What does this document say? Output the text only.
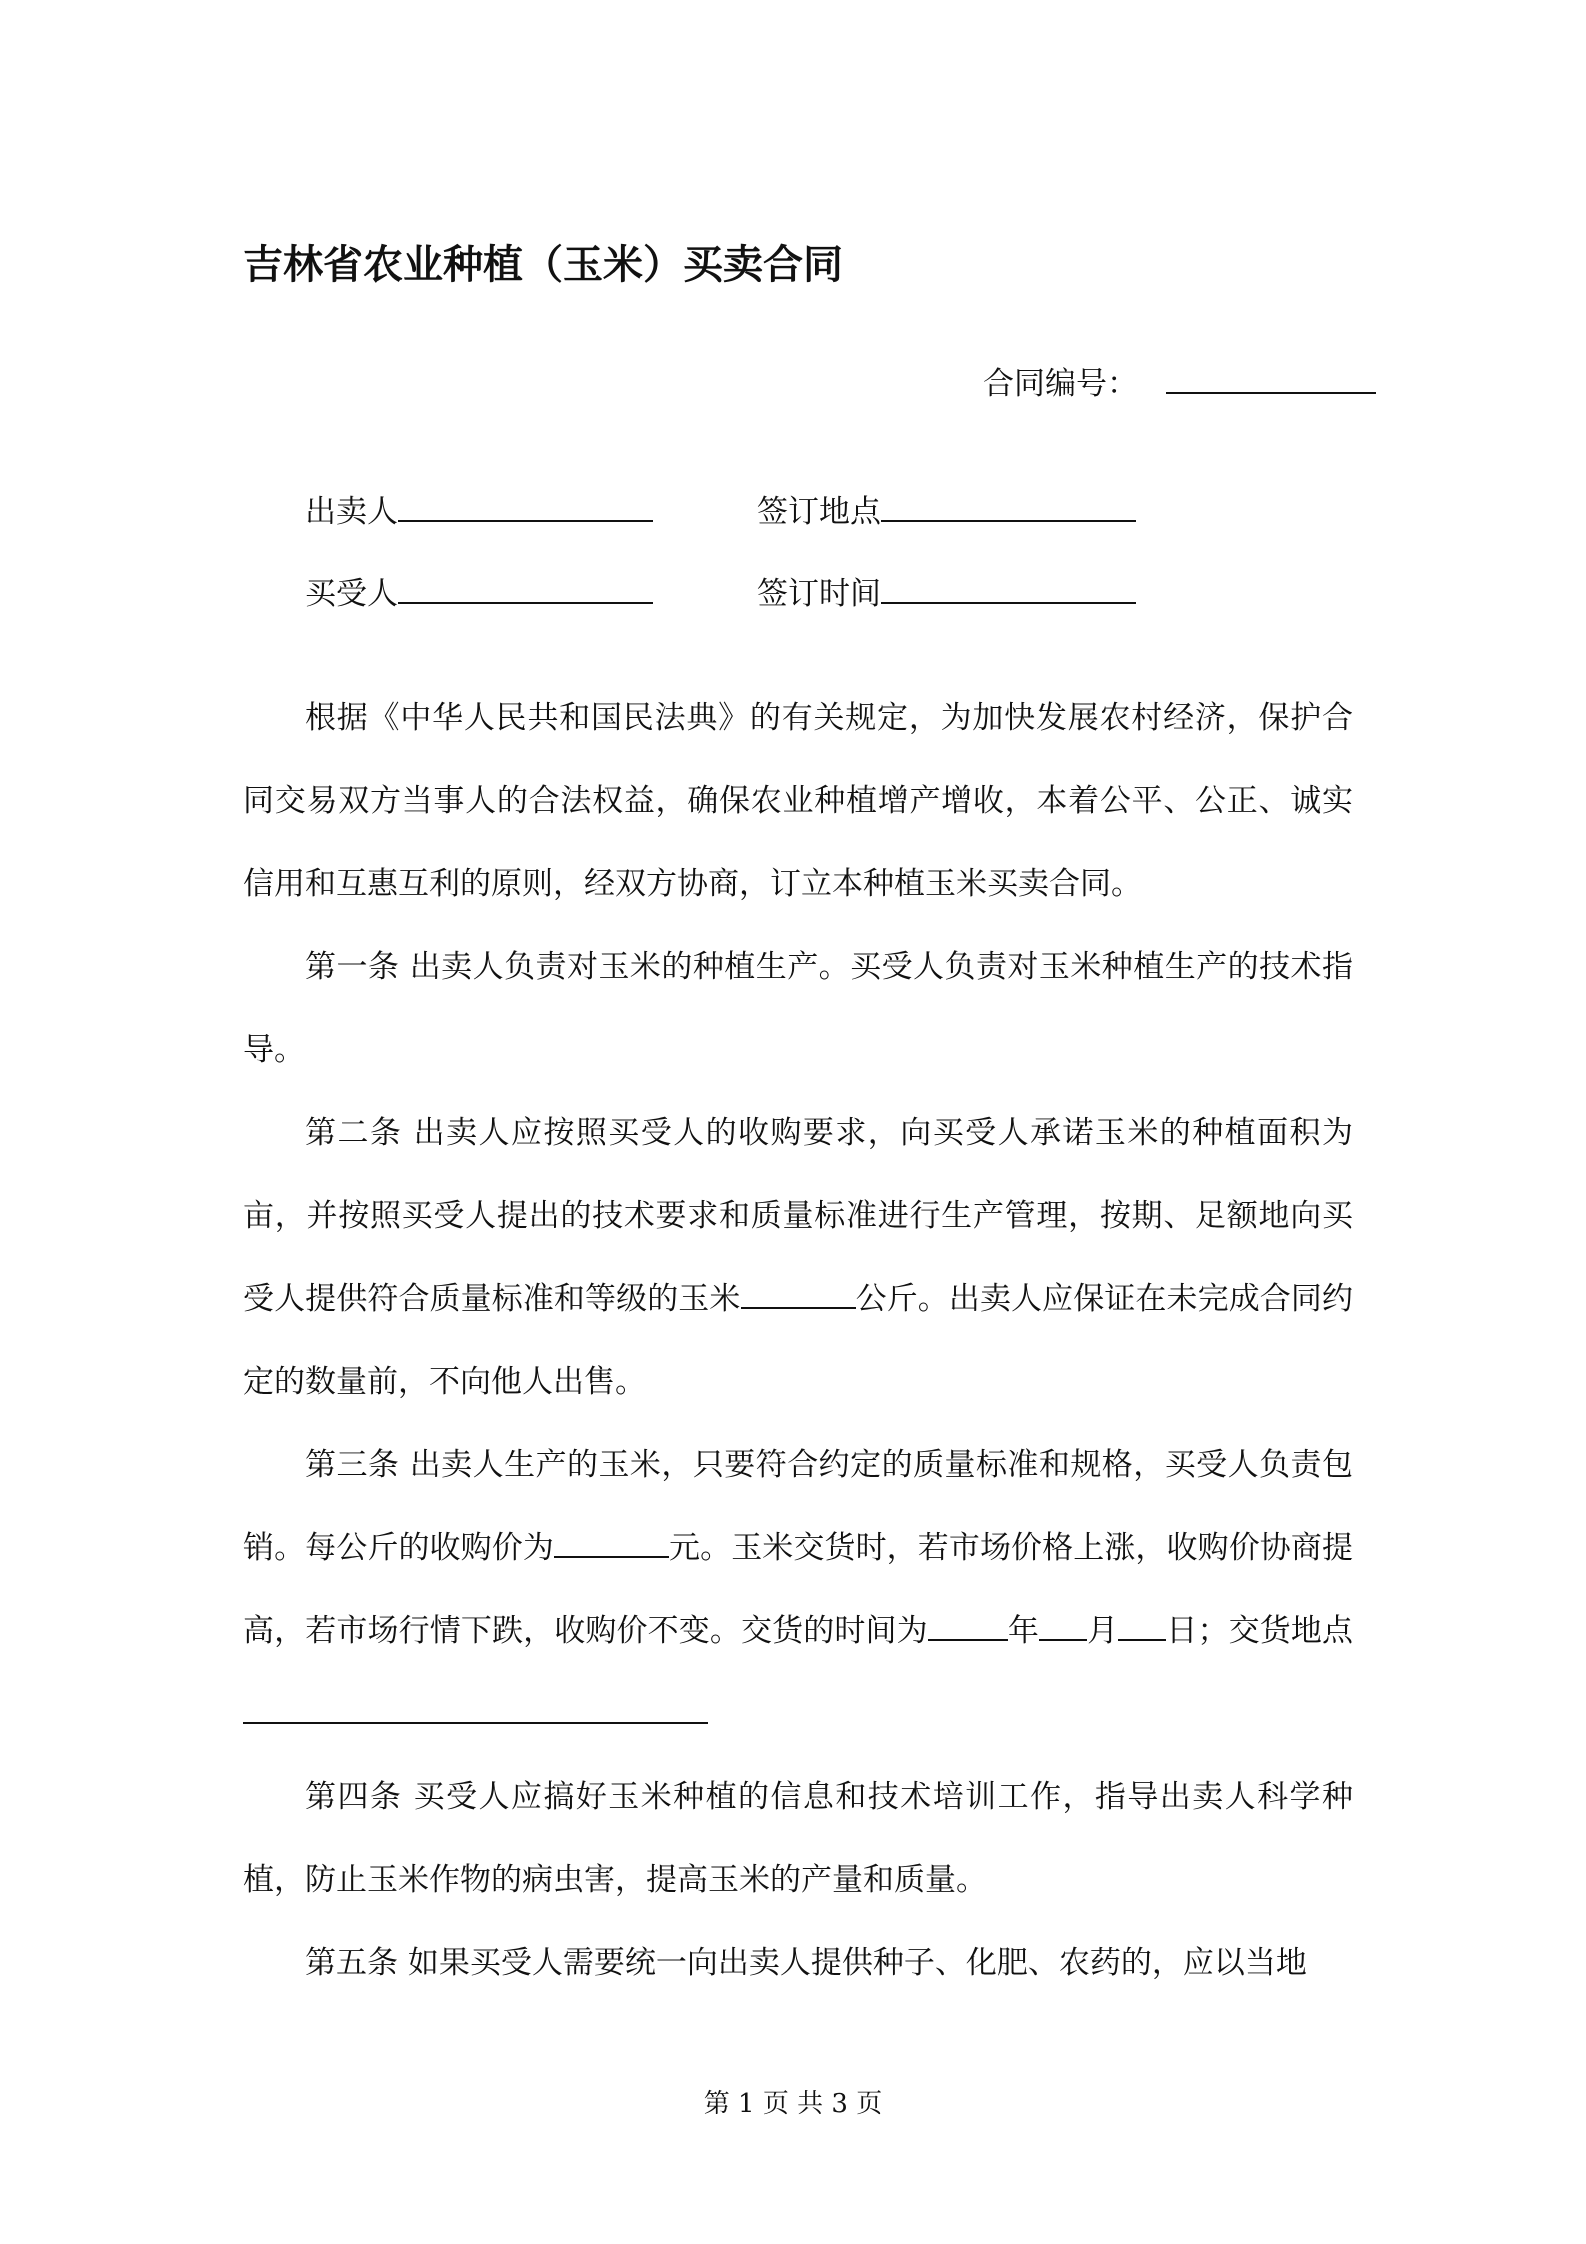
吉林省农业种植（玉米）买卖合同
合同编号：
出卖人	签订地点
买受人	签订时间

根据《中华人民共和国民法典》的有关规定，为加快发展农村经济，保护合同交易双方当事人的合法权益，确保农业种植增产增收，本着公平、公正、诚实信用和互惠互利的原则，经双方协商，订立本种植玉米买卖合同。

第一条 出卖人负责对玉米的种植生产。买受人负责对玉米种植生产的技术指导。

第二条 出卖人应按照买受人的收购要求，向买受人承诺玉米的种植面积为亩，并按照买受人提出的技术要求和质量标准进行生产管理，按期、足额地向买受人提供符合质量标准和等级的玉米	公斤。出卖人应保证在未完成合同约定的数量前，不向他人出售。

第三条 出卖人生产的玉米，只要符合约定的质量标准和规格，买受人负责包销。每公斤的收购价为	元。玉米交货时，若市场价格上涨，收购价协商提高，若市场行情下跌，收购价不变。交货的时间为	年 月 日；交货地点

第四条 买受人应搞好玉米种植的信息和技术培训工作，指导出卖人科学种植，防止玉米作物的病虫害，提高玉米的产量和质量。

第五条 如果买受人需要统一向出卖人提供种子、化肥、农药的，应以当地

第 1 页 共 3 页
